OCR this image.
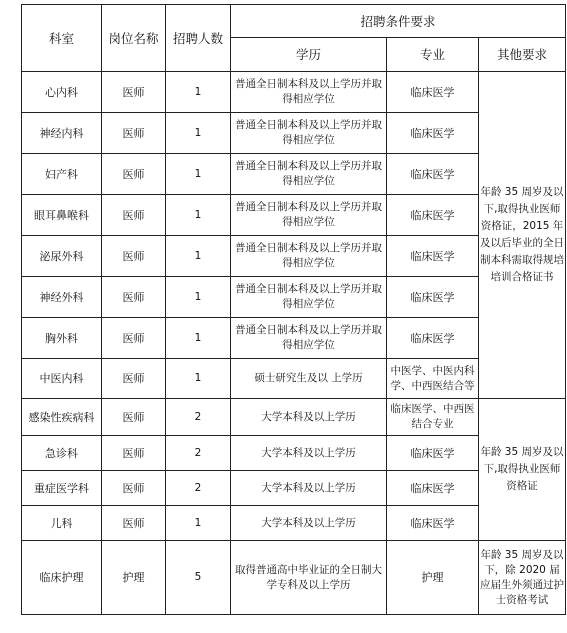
科室	岗位名称	招聘人数	招聘条件要求		
			学历	专业	其他要求
心内科	医师	1	普通全日制本科及以上学历并取得相应学位	临床医学	年龄 35 周岁及以下,取得执业医师资格证，2015 年及以后毕业的全日制本科需取得规培培训合格证书
神经内科	医师	1	普通全日制本科及以上学历并取得相应学位	临床医学	
妇产科	医师	1	普通全日制本科及以上学历并取得相应学位	临床医学	
眼耳鼻喉科	医师	1	普通全日制本科及以上学历并取得相应学位	临床医学	
泌尿外科	医师	1	普通全日制本科及以上学历并取得相应学位	临床医学	
神经外科	医师	1	普通全日制本科及以上学历并取得相应学位	临床医学	
胸外科	医师	1	普通全日制本科及以上学历并取得相应学位	临床医学	
中医内科	医师	1	硕士研究生及以 上学历	中医学、中医内科学、中西医结合等	
感染性疾病科	医师	2	大学本科及以上学历	临床医学、中西医结合专业	年龄 35 周岁及以下,取得执业医师资格证
急诊科	医师	2	大学本科及以上学历	临床医学	
重症医学科	医师	2	大学本科及以上学历	临床医学	
儿科	医师	1	大学本科及以上学历	临床医学	
临床护理	护理	5	取得普通高中毕业证的全日制大学专科及以上学历	护理	年龄 35 周岁及以下，除 2020 届应届生外须通过护士资格考试
